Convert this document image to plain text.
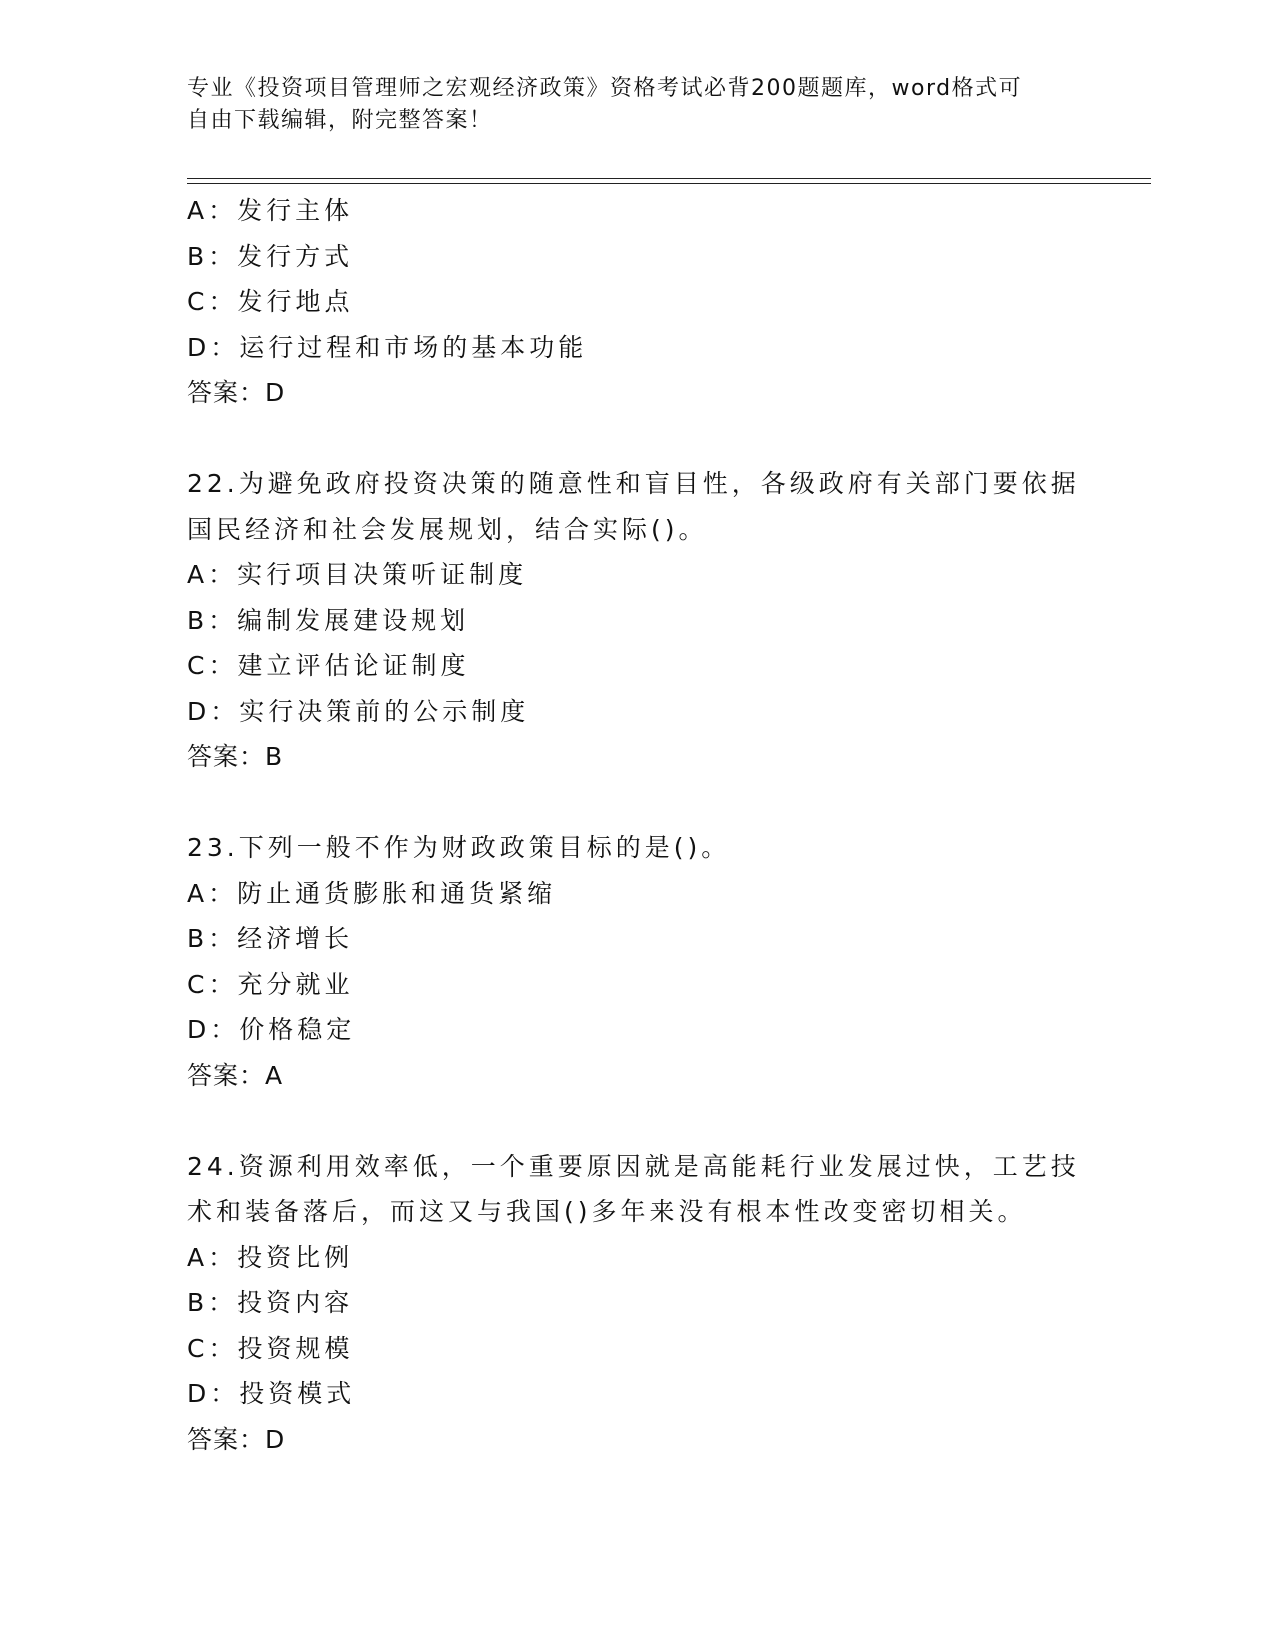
专业《投资项目管理师之宏观经济政策》资格考试必背200题题库，word格式可
自由下载编辑，附完整答案！
A：发行主体
B：发行方式
C：发行地点
D：运行过程和市场的基本功能
答案：D
22.为避免政府投资决策的随意性和盲目性，各级政府有关部门要依据
国民经济和社会发展规划，结合实际()。
A：实行项目决策听证制度
B：编制发展建设规划
C：建立评估论证制度
D：实行决策前的公示制度
答案：B
23.下列一般不作为财政政策目标的是()。
A：防止通货膨胀和通货紧缩
B：经济增长
C：充分就业
D：价格稳定
答案：A
24.资源利用效率低，一个重要原因就是高能耗行业发展过快，工艺技
术和装备落后，而这又与我国()多年来没有根本性改变密切相关。
A：投资比例
B：投资内容
C：投资规模
D：投资模式
答案：D
